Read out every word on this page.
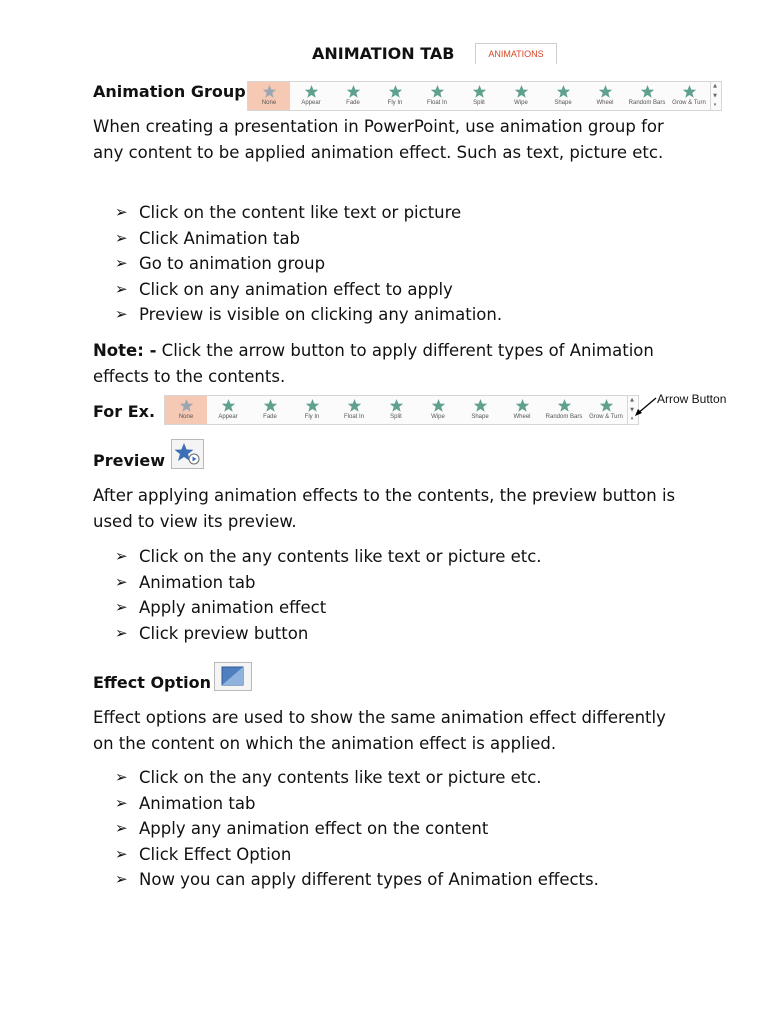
ANIMATION TAB	ANIMATIONS
Animation Group
None	Appear	Fade	Fly In	Float In	Split	Wipe	Shape	Wheel	Random Bars Grow & Turn
▲
▼
▾
When creating a presentation in PowerPoint, use animation group for any content to be applied animation effect. Such as text, picture etc.
➢ Click on the content like text or picture
➢ Click Animation tab
➢ Go to animation group
➢ Click on any animation effect to apply
➢ Preview is visible on clicking any animation.
Note: - Click the arrow button to apply different types of Animation effects to the contents.
For Ex.	None	Appear	Fade	Fly In	Float In	Split	Wipe	Shape	Wheel	Random Bars Grow & Turn
▲
▼
▾
Arrow Button
Preview
After applying animation effects to the contents, the preview button is used to view its preview.
➢ Click on the any contents like text or picture etc.
➢ Animation tab
➢ Apply animation effect
➢ Click preview button
Effect Option
Effect options are used to show the same animation effect differently on the content on which the animation effect is applied.
➢ Click on the any contents like text or picture etc.
➢ Animation tab
➢ Apply any animation effect on the content
➢ Click Effect Option
➢ Now you can apply different types of Animation effects.
